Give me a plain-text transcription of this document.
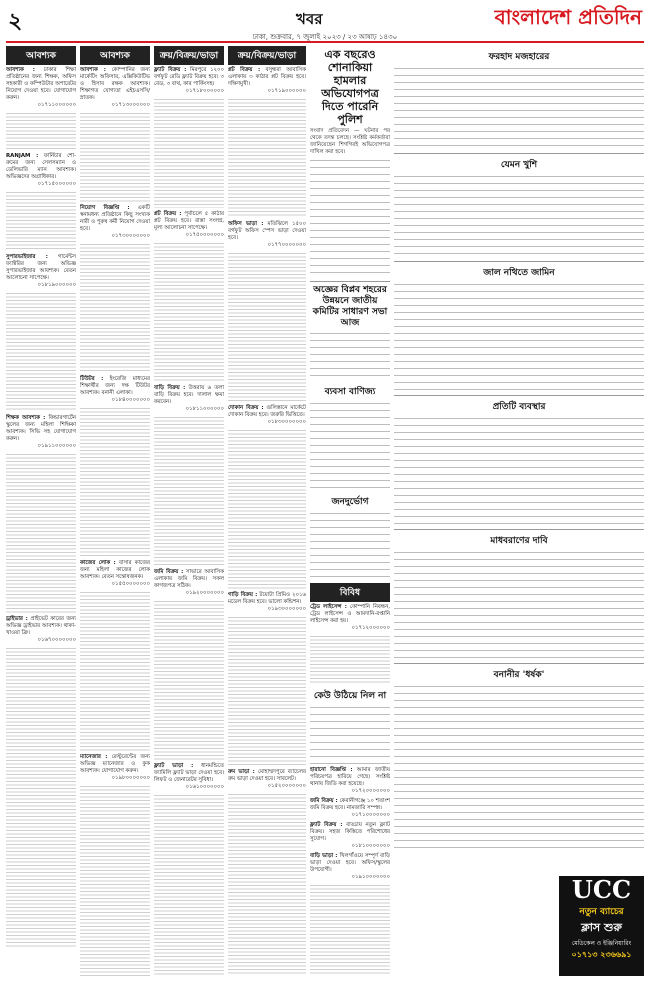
২	খবর	বাংলাদেশ প্রতিদিন
ঢাকা, শুক্রবার, ৭ জুলাই ২০২৩ / ২৩ আষাঢ় ১৪৩০
আবশ্যক
আবশ্যক : ঢাকার শিক্ষা প্রতিষ্ঠানের জন্য শিক্ষক, অফিস সহকারী ও কম্পিউটার অপারেটর নিয়োগ দেওয়া হবে। যোগাযোগ করুন।
০১৭১১০০০০০০
RANJAM : ফার্নিচার শো-রুমের জন্য সেলসম্যান ও ডেলিভারি ম্যান আবশ্যক। অভিজ্ঞদের অগ্রাধিকার।
০১৭১৫০০০০০০
সুপারভাইজার : গার্মেন্টস ফ্যাক্টরির জন্য অভিজ্ঞ সুপারভাইজার আবশ্যক। বেতন আলোচনা সাপেক্ষে।
০১৮১৯০০০০০০
শিক্ষক আবশ্যক : কিন্ডারগার্টেন স্কুলের জন্য মহিলা শিক্ষিকা আবশ্যক। সিভি সহ যোগাযোগ করুন।
০১৯১১০০০০০০
ড্রাইভার : প্রাইভেট কারের জন্য অভিজ্ঞ ড্রাইভার আবশ্যক। থাকা-খাওয়া ফ্রি।
০১৬৭০০০০০০০
আবশ্যক
আবশ্যক : কোম্পানির জন্য মার্কেটিং অফিসার, এক্সিকিউটিভ ও হিসাব রক্ষক আবশ্যক। শিক্ষাগত যোগ্যতা এইচএসসি/স্নাতক।
০১৭১৩০০০০০০
নিয়োগ বিজ্ঞপ্তি : একটি স্বনামধন্য প্রতিষ্ঠানে কিছু সংখ্যক নারী ও পুরুষ কর্মী নিয়োগ দেওয়া হবে।
০১৭৩০০০০০০০
টিউটর : ইংরেজি মাধ্যমের শিক্ষার্থীর জন্য দক্ষ টিউটর আবশ্যক। বনানী এলাকা।
০১৮৪০০০০০০০
কাজের লোক : বাসার কাজের জন্য মহিলা কাজের লোক আবশ্যক। বেতন সন্তোষজনক।
০১৫৫০০০০০০০
ম্যানেজার : রেস্টুরেন্টের জন্য অভিজ্ঞ ম্যানেজার ও কুক আবশ্যক। যোগাযোগ করুন।
০১৯৮০০০০০০০
ক্রয়/বিক্রয়/ভাড়া
ফ্ল্যাট বিক্রয় : মিরপুরে ১২০০ বর্গফুট রেডি ফ্ল্যাট বিক্রয় হবে। ৩ বেড, ৩ বাথ, কার পার্কিংসহ।
০১৭১৮০০০০০০
প্লট বিক্রয় : পূর্বাচলে ৫ কাঠার প্লট বিক্রয় হবে। রাস্তা সংলগ্ন, মূল্য আলোচনা সাপেক্ষে।
০১৭৫০০০০০০০
বাড়ি বিক্রয় : উত্তরায় ৬ তলা বাড়ি বিক্রয় হবে। দালাল ক্ষমা করবেন।
০১৮১১০০০০০০
জমি বিক্রয় : সাভারে আবাসিক এলাকায় জমি বিক্রয়। সকল কাগজপত্র সঠিক।
০১৯২০০০০০০০
ফ্ল্যাট ভাড়া : ধানমন্ডিতে ফ্যামিলি ফ্ল্যাট ভাড়া দেওয়া হবে। লিফট ও জেনারেটর সুবিধা।
০১৬১০০০০০০০
ক্রয়/বিক্রয়/ভাড়া
প্লট বিক্রয় : বসুন্ধরা আবাসিক এলাকায় ৩ কাঠার প্লট বিক্রয় হবে। দক্ষিণমুখী।
০১৭১৯০০০০০০
অফিস ভাড়া : মতিঝিলে ১৫০০ বর্গফুট অফিস স্পেস ভাড়া দেওয়া হবে।
০১৭৭০০০০০০০
দোকান বিক্রয় : গুলিস্তানে মার্কেটে দোকান বিক্রয় হবে। জরুরি ভিত্তিতে।
০১৮৩০০০০০০০
গাড়ি বিক্রয় : টয়োটা প্রিমিও ২০১৬ মডেল বিক্রয় হবে। ভালো কন্ডিশন।
০১৯৩০০০০০০০
রুম ভাড়া : মোহাম্মদপুরে ব্যাচেলর রুম ভাড়া দেওয়া হবে। সাবলেট।
০১৫২০০০০০০০
এক বছরেও শোনাকিয়া হামলার অভিযোগপত্র দিতে পারেনি পুলিশ
সংবাদ প্রতিবেদন — ঘটনার পর থেকে তদন্ত চলছে। সংশ্লিষ্ট কর্মকর্তারা জানিয়েছেন শিগগিরই অভিযোগপত্র দাখিল করা হবে।
অজ্ঞের বিপ্লব শহরের উন্নয়নে জাতীয় কমিটির সাধারণ সভা আজ
ব্যবসা বাণিজ্য
জনদুর্ভোগ
বিবিধ
ট্রেড লাইসেন্স : কোম্পানি নিবন্ধন, ট্রেড লাইসেন্স ও আমদানি-রপ্তানি লাইসেন্স করা হয়।
০১৭১২০০০০০০
কেউ উঠিয়ে নিল না
হারানো বিজ্ঞপ্তি : আমার জাতীয় পরিচয়পত্র হারিয়ে গেছে। সংশ্লিষ্ট থানায় জিডি করা হয়েছে।
০১৭২০০০০০০০
জমি বিক্রয় : কেরানীগঞ্জে ১০ শতাংশ জমি বিক্রয় হবে। নামজারি সম্পন্ন।
০১৭১০০০০০০০
ফ্ল্যাট বিক্রয় : বাড্ডায় নতুন ফ্ল্যাট বিক্রয়। সহজ কিস্তিতে পরিশোধের সুযোগ।
০১৮১০০০০০০০
বাড়ি ভাড়া : খিলগাঁওয়ে সম্পূর্ণ বাড়ি ভাড়া দেওয়া হবে। অফিস/স্কুলের উপযোগী।
০১৯১০০০০০০০
ফরহাদ মজহারের
যেমন খুশি
জাল নথিতে জামিন
প্রতিটি ব্যবস্থার
মাধবরাণের দাবি
বনানীর 'ধর্ষক'
UCC
নতুন ব্যাচের
ক্লাস শুরু
মেডিকেল ও ইঞ্জিনিয়ারিং
০১৭১৩ ২৩৬৬৯১
